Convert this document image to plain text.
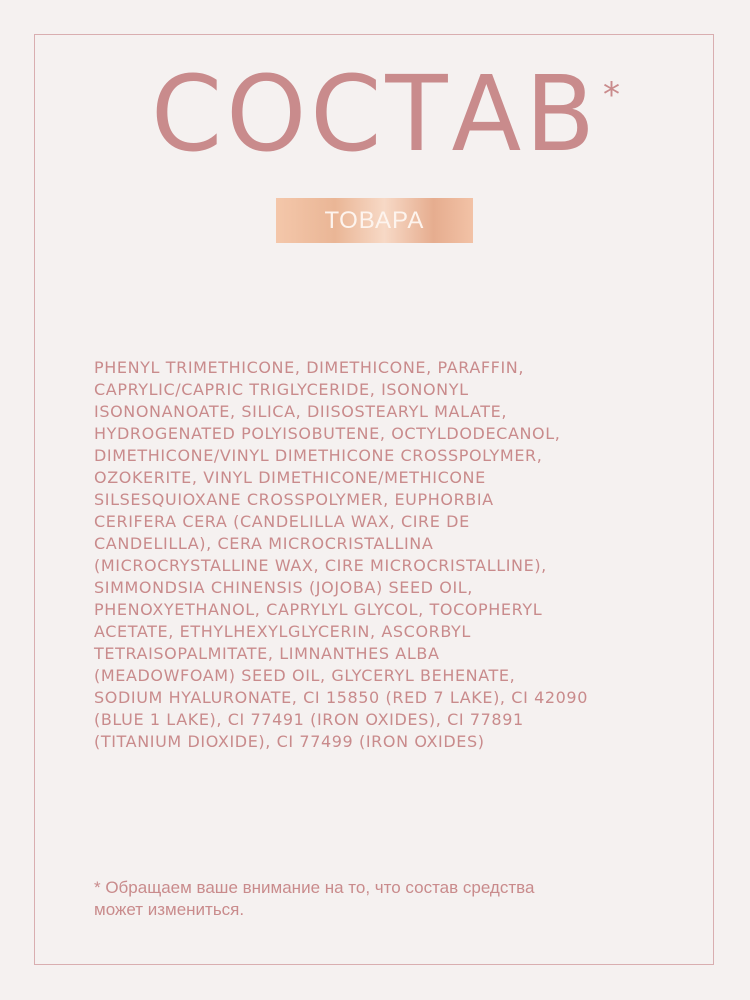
СОСТАВ *
ТОВАРА
PHENYL TRIMETHICONE, DIMETHICONE, PARAFFIN,
CAPRYLIC/CAPRIC TRIGLYCERIDE, ISONONYL
ISONONANOATE, SILICA, DIISOSTEARYL MALATE,
HYDROGENATED POLYISOBUTENE, OCTYLDODECANOL,
DIMETHICONE/VINYL DIMETHICONE CROSSPOLYMER,
OZOKERITE, VINYL DIMETHICONE/METHICONE
SILSESQUIOXANE CROSSPOLYMER, EUPHORBIA
CERIFERA CERA (CANDELILLA WAX, CIRE DE
CANDELILLA), CERA MICROCRISTALLINA
(MICROCRYSTALLINE WAX, CIRE MICROCRISTALLINE),
SIMMONDSIA CHINENSIS (JOJOBA) SEED OIL,
PHENOXYETHANOL, CAPRYLYL GLYCOL, TOCOPHERYL
ACETATE, ETHYLHEXYLGLYCERIN, ASCORBYL
TETRAISOPALMITATE, LIMNANTHES ALBA
(MEADOWFOAM) SEED OIL, GLYCERYL BEHENATE,
SODIUM HYALURONATE, CI 15850 (RED 7 LAKE), CI 42090
(BLUE 1 LAKE), CI 77491 (IRON OXIDES), CI 77891
(TITANIUM DIOXIDE), CI 77499 (IRON OXIDES)
* Обращаем ваше внимание на то, что состав средства
может измениться.
